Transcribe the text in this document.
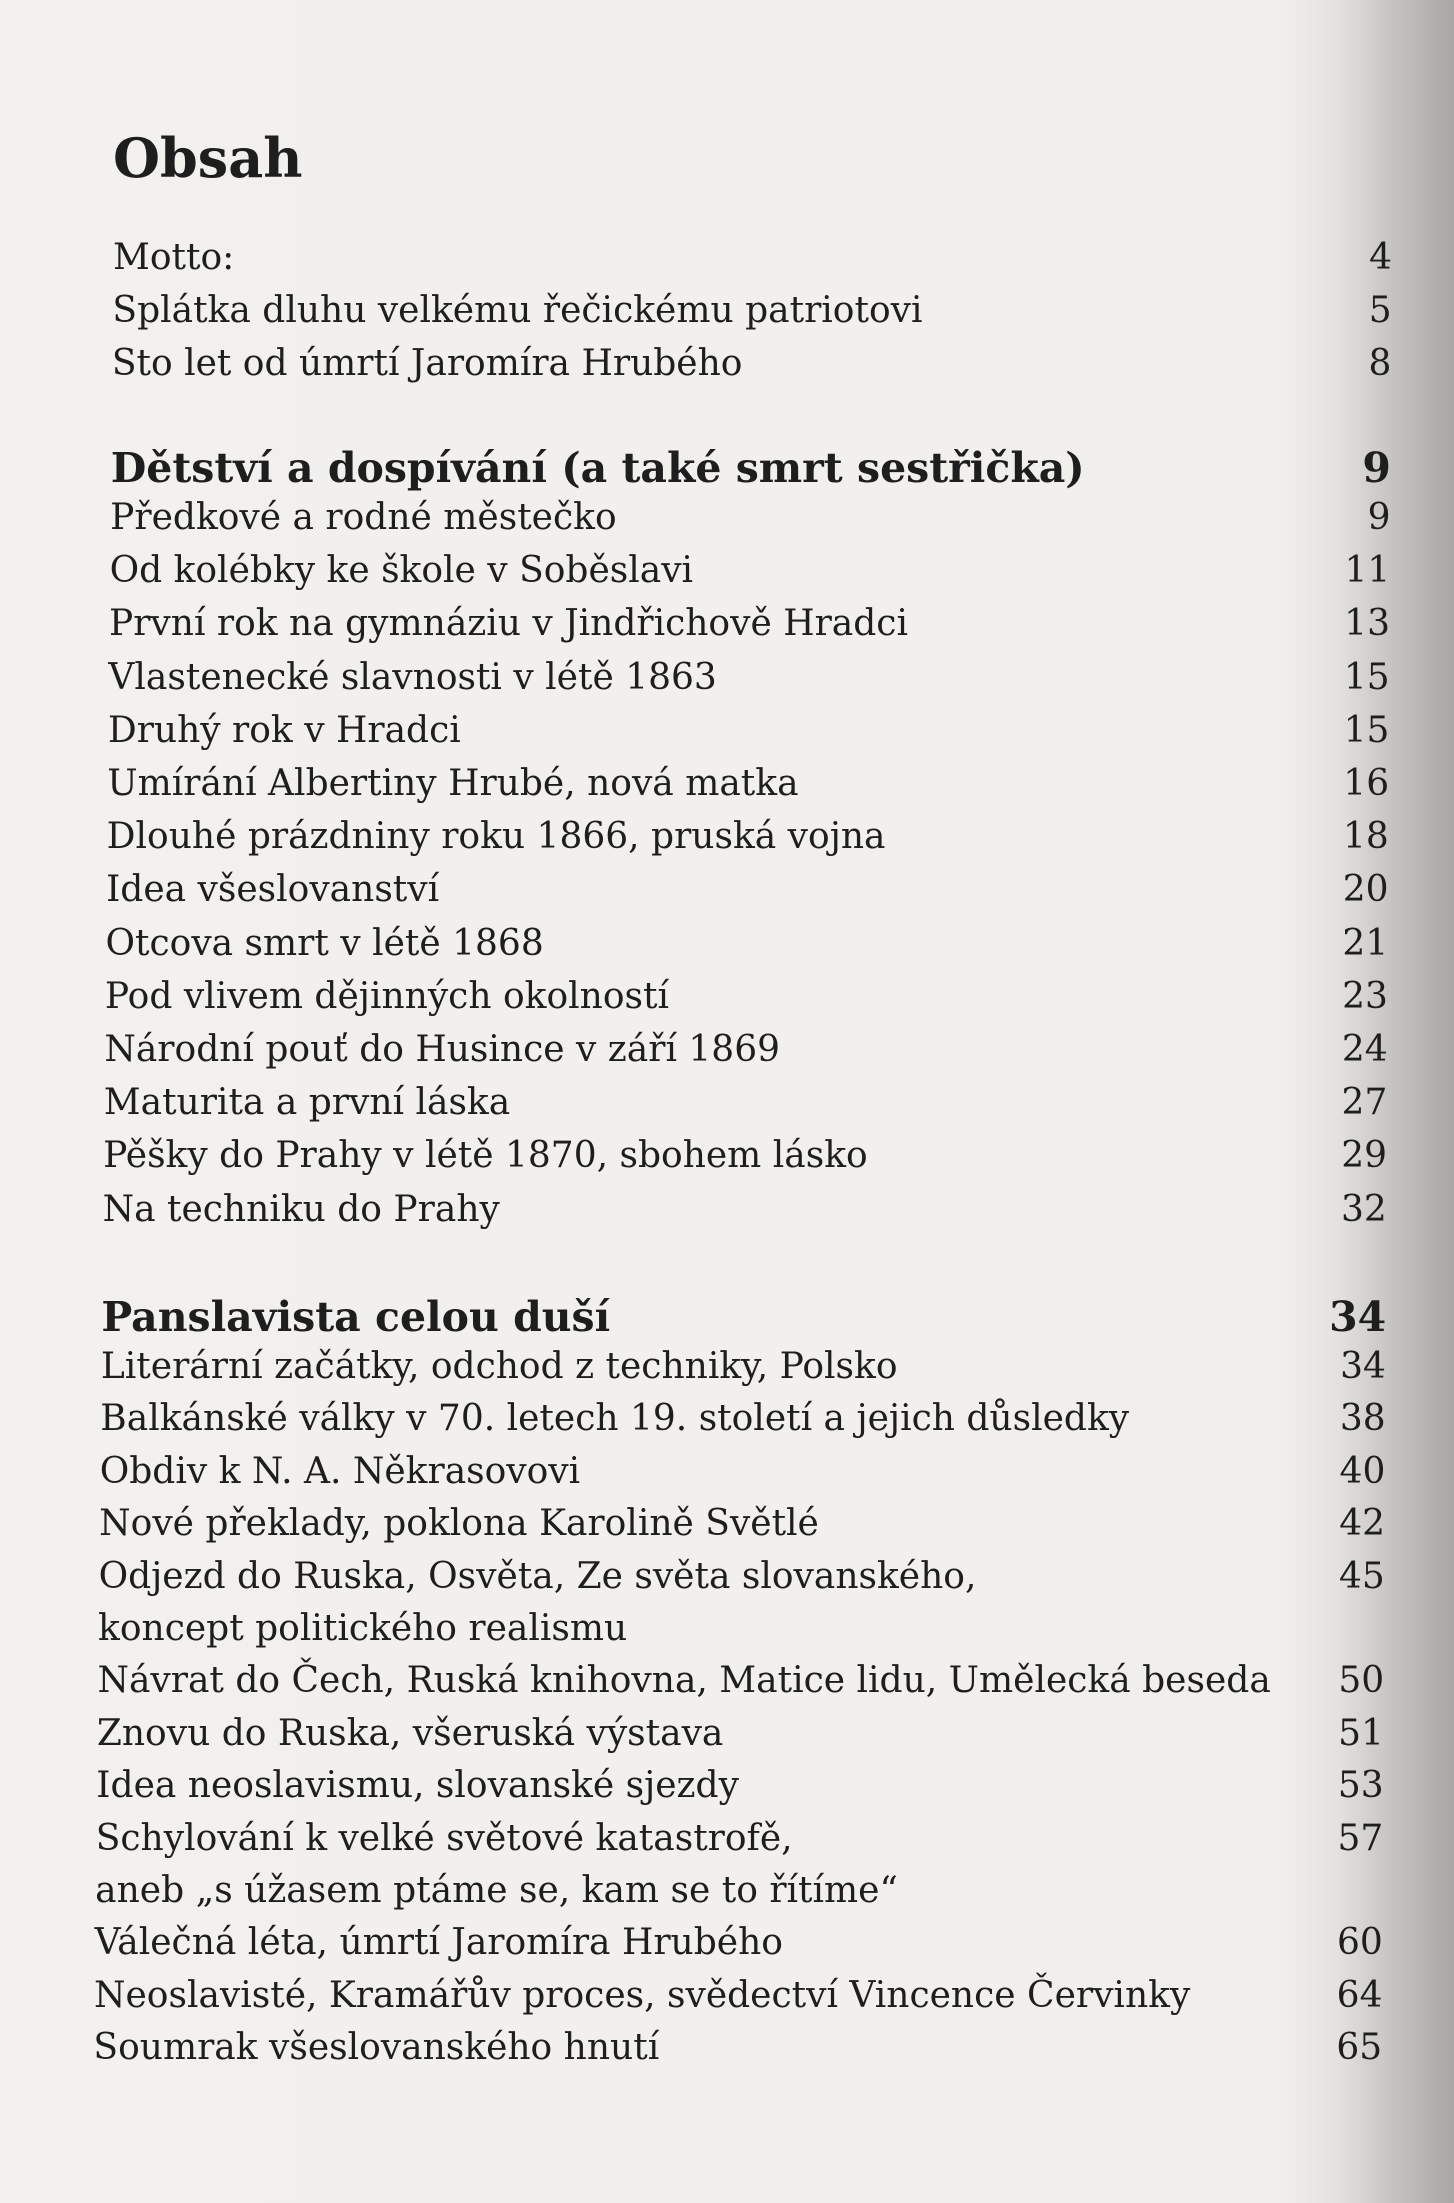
Obsah
Motto:	4
Splátka dluhu velkému řečickému patriotovi	5
Sto let od úmrtí Jaromíra Hrubého	8
Dětství a dospívání (a také smrt sestřička)	9
Předkové a rodné městečko	9
Od kolébky ke škole v Soběslavi	11
První rok na gymnáziu v Jindřichově Hradci	13
Vlastenecké slavnosti v létě 1863	15
Druhý rok v Hradci	15
Umírání Albertiny Hrubé, nová matka	16
Dlouhé prázdniny roku 1866, pruská vojna	18
Idea všeslovanství	20
Otcova smrt v létě 1868	21
Pod vlivem dějinných okolností	23
Národní pouť do Husince v září 1869	24
Maturita a první láska	27
Pěšky do Prahy v létě 1870, sbohem lásko	29
Na techniku do Prahy	32
Panslavista celou duší	34
Literární začátky, odchod z techniky, Polsko	34
Balkánské války v 70. letech 19. století a jejich důsledky	38
Obdiv k N. A. Někrasovovi	40
Nové překlady, poklona Karolině Světlé	42
Odjezd do Ruska, Osvěta, Ze světa slovanského,	45
koncept politického realismu
Návrat do Čech, Ruská knihovna, Matice lidu, Umělecká beseda 50
Znovu do Ruska, všeruská výstava	51
Idea neoslavismu, slovanské sjezdy	53
Schylování k velké světové katastrofě,	57
aneb „s úžasem ptáme se, kam se to řítíme“
Válečná léta, úmrtí Jaromíra Hrubého	60
Neoslavisté, Kramářův proces, svědectví Vincence Červinky	64
Soumrak všeslovanského hnutí	65
